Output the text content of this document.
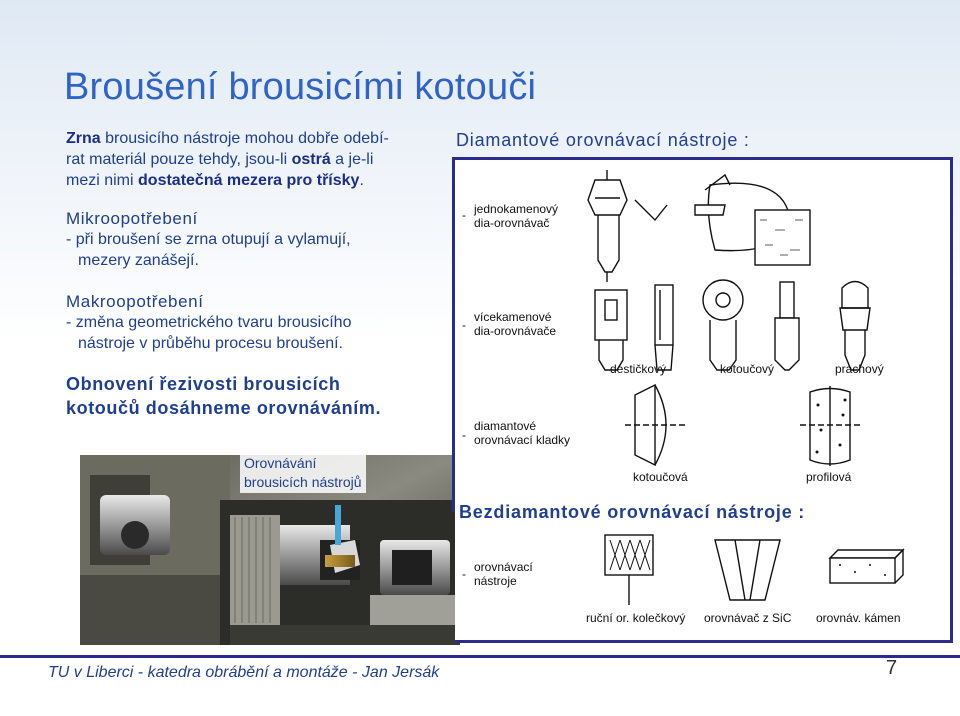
Broušení brousicími kotouči
Zrna brousicího nástroje mohou dobře odebí-
rat materiál pouze tehdy, jsou-li ostrá a je-li
mezi nimi dostatečná mezera pro třísky.
Mikroopotřebení
- při broušení se zrna otupují a vylamují,
mezery zanášejí.
Makroopotřebení
- změna geometrického tvaru brousicího
nástroje v průběhu procesu broušení.
Obnovení řezivosti brousicích
kotoučů dosáhneme orovnáváním.
Orovnávání
brousicích nástrojů
Diamantové orovnávací nástroje :
- jednokamenový
dia-orovnávač
-
vícekamenové
dia-orovnávače
destičkový	kotoučový	prachový
-
diamantové
orovnávací kladky
kotoučová	profilová
Bezdiamantové orovnávací nástroje :
- orovnávací
nástroje
ruční or. kolečkový orovnávač z SiC orovnáv. kámen
TU v Liberci - katedra obrábění a montáže - Jan Jersák	7
